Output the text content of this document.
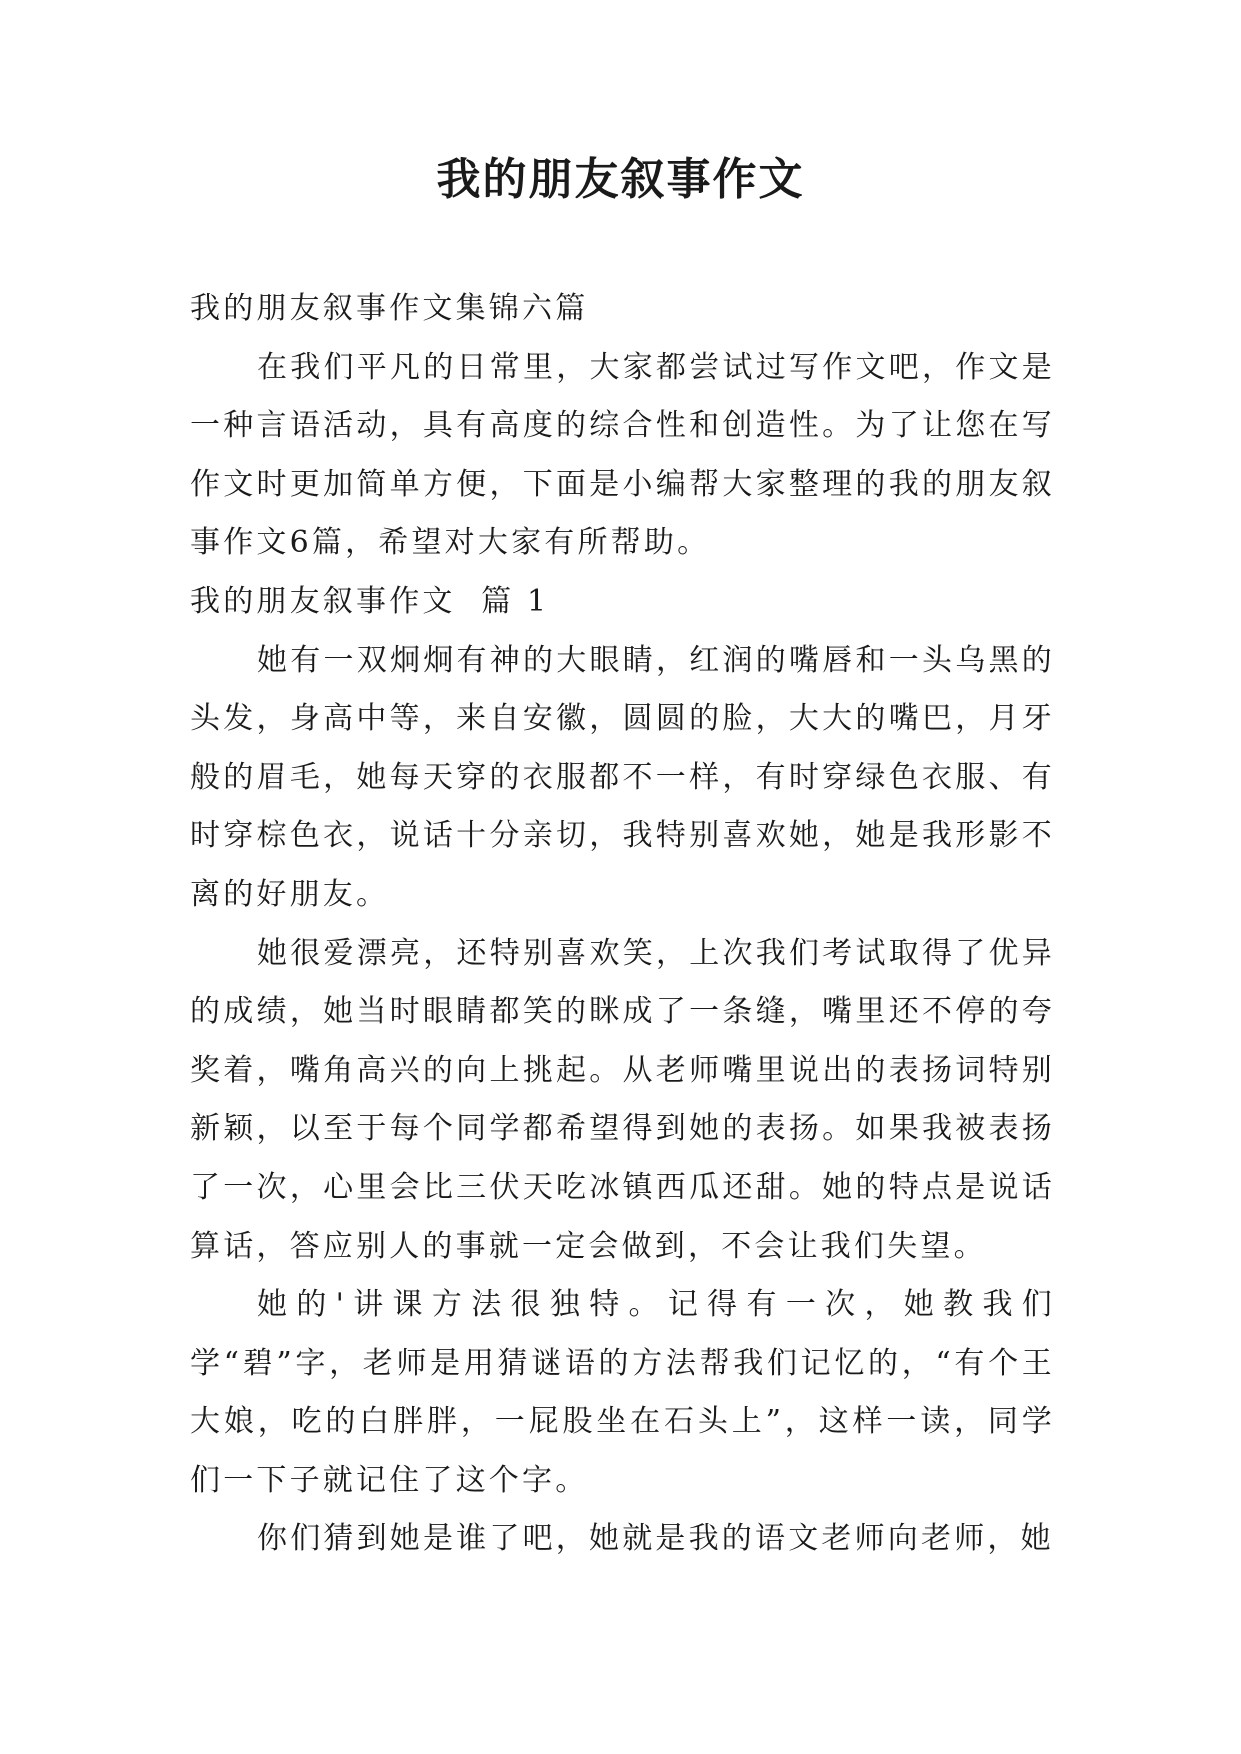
我的朋友叙事作文

我的朋友叙事作文集锦六篇

在我们平凡的日常里，大家都尝试过写作文吧，作文是一种言语活动，具有高度的综合性和创造性。为了让您在写作文时更加简单方便，下面是小编帮大家整理的我的朋友叙事作文6篇，希望对大家有所帮助。

我的朋友叙事作文  篇 1

她有一双炯炯有神的大眼睛，红润的嘴唇和一头乌黑的头发，身高中等，来自安徽，圆圆的脸，大大的嘴巴，月牙般的眉毛，她每天穿的衣服都不一样，有时穿绿色衣服、有时穿棕色衣，说话十分亲切，我特别喜欢她，她是我形影不离的好朋友。

她很爱漂亮，还特别喜欢笑，上次我们考试取得了优异的成绩，她当时眼睛都笑的眯成了一条缝，嘴里还不停的夸奖着，嘴角高兴的向上挑起。从老师嘴里说出的表扬词特别新颖，以至于每个同学都希望得到她的表扬。如果我被表扬了一次，心里会比三伏天吃冰镇西瓜还甜。她的特点是说话算话，答应别人的事就一定会做到，不会让我们失望。

她的'讲课方法很独特。记得有一次，她教我们学“碧”字，老师是用猜谜语的方法帮我们记忆的，“有个王大娘，吃的白胖胖，一屁股坐在石头上”，这样一读，同学们一下子就记住了这个字。

你们猜到她是谁了吧，她就是我的语文老师向老师，她
